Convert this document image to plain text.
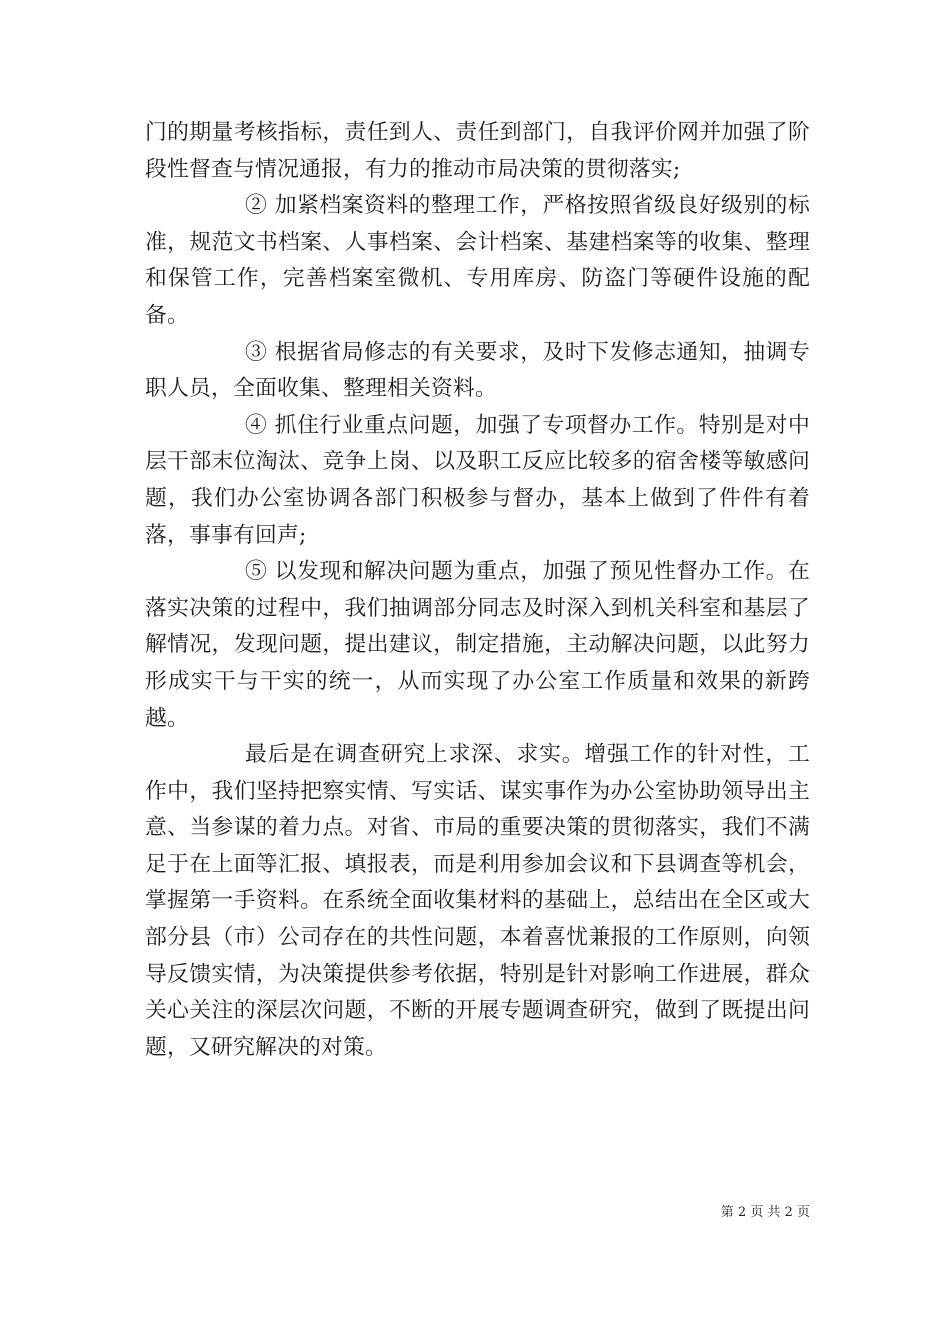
门的期量考核指标，责任到人、责任到部门，自我评价网并加强了阶段性督查与情况通报，有力的推动市局决策的贯彻落实;

② 加紧档案资料的整理工作，严格按照省级良好级别的标准，规范文书档案、人事档案、会计档案、基建档案等的收集、整理和保管工作，完善档案室微机、专用库房、防盗门等硬件设施的配备。

③ 根据省局修志的有关要求，及时下发修志通知，抽调专职人员，全面收集、整理相关资料。

④ 抓住行业重点问题，加强了专项督办工作。特别是对中层干部末位淘汰、竞争上岗、以及职工反应比较多的宿舍楼等敏感问题，我们办公室协调各部门积极参与督办，基本上做到了件件有着落，事事有回声;

⑤ 以发现和解决问题为重点，加强了预见性督办工作。在落实决策的过程中，我们抽调部分同志及时深入到机关科室和基层了解情况，发现问题，提出建议，制定措施，主动解决问题，以此努力形成实干与干实的统一，从而实现了办公室工作质量和效果的新跨越。

最后是在调查研究上求深、求实。增强工作的针对性，工作中，我们坚持把察实情、写实话、谋实事作为办公室协助领导出主意、当参谋的着力点。对省、市局的重要决策的贯彻落实，我们不满足于在上面等汇报、填报表，而是利用参加会议和下县调查等机会，掌握第一手资料。在系统全面收集材料的基础上，总结出在全区或大部分县（市）公司存在的共性问题，本着喜忧兼报的工作原则，向领导反馈实情，为决策提供参考依据，特别是针对影响工作进展，群众关心关注的深层次问题，不断的开展专题调查研究，做到了既提出问题，又研究解决的对策。

第 2 页 共 2 页
